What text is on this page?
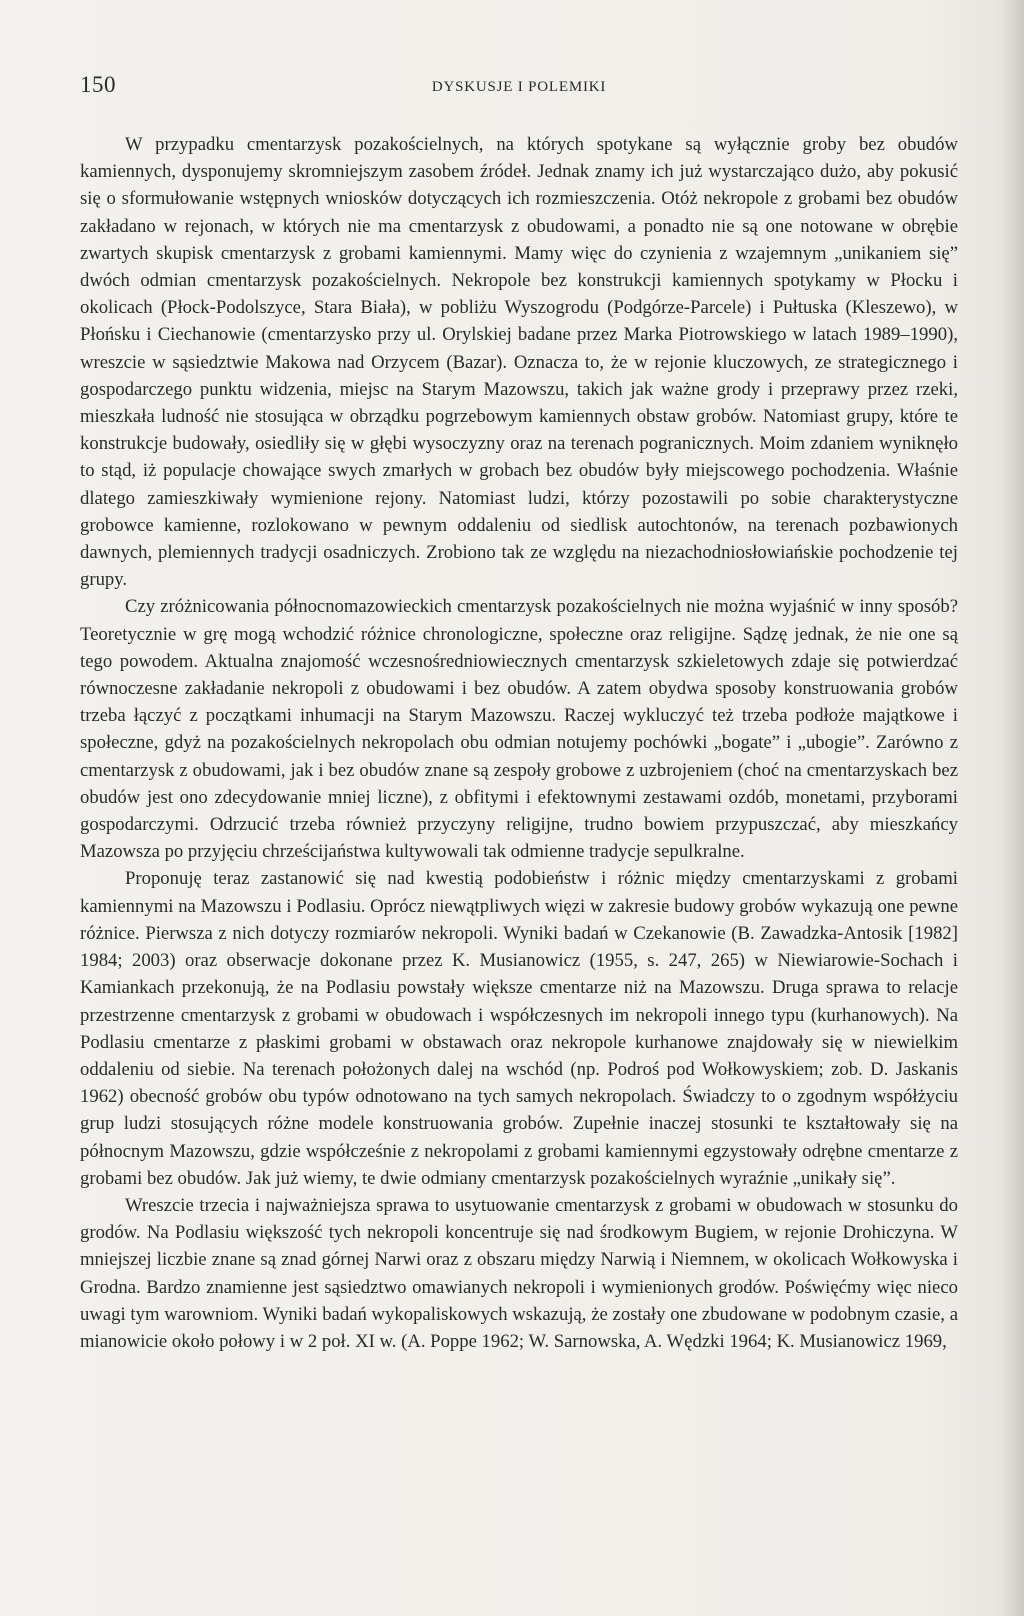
150	DYSKUSJE I POLEMIKI

W przypadku cmentarzysk pozakościelnych, na których spotykane są wyłącznie groby bez obudów kamiennych, dysponujemy skromniejszym zasobem źródeł. Jednak znamy ich już wystarczająco dużo, aby pokusić się o sformułowanie wstępnych wniosków dotyczących ich rozmieszczenia. Otóż nekropole z grobami bez obudów zakładano w rejonach, w których nie ma cmentarzysk z obudowami, a ponadto nie są one notowane w obrębie zwartych skupisk cmentarzysk z grobami kamiennymi. Mamy więc do czynienia z wzajemnym „unikaniem się” dwóch odmian cmentarzysk pozakościelnych. Nekropole bez konstrukcji kamiennych spotykamy w Płocku i okolicach (Płock-Podolszyce, Stara Biała), w pobliżu Wyszogrodu (Podgórze-Parcele) i Pułtuska (Kleszewo), w Płońsku i Ciechanowie (cmentarzysko przy ul. Orylskiej badane przez Marka Piotrowskiego w latach 1989–1990), wreszcie w sąsiedztwie Makowa nad Orzycem (Bazar). Oznacza to, że w rejonie kluczowych, ze strategicznego i gospodarczego punktu widzenia, miejsc na Starym Mazowszu, takich jak ważne grody i przeprawy przez rzeki, mieszkała ludność nie stosująca w obrządku pogrzebowym kamiennych obstaw grobów. Natomiast grupy, które te konstrukcje budowały, osiedliły się w głębi wysoczyzny oraz na terenach pogranicznych. Moim zdaniem wyniknęło to stąd, iż populacje chowające swych zmarłych w grobach bez obudów były miejscowego pochodzenia. Właśnie dlatego zamieszkiwały wymienione rejony. Natomiast ludzi, którzy pozostawili po sobie charakterystyczne grobowce kamienne, rozlokowano w pewnym oddaleniu od siedlisk autochtonów, na terenach pozbawionych dawnych, plemiennych tradycji osadniczych. Zrobiono tak ze względu na niezachodniosłowiańskie pochodzenie tej grupy.

Czy zróżnicowania północnomazowieckich cmentarzysk pozakościelnych nie można wyjaśnić w inny sposób? Teoretycznie w grę mogą wchodzić różnice chronologiczne, społeczne oraz religijne. Sądzę jednak, że nie one są tego powodem. Aktualna znajomość wczesnośredniowiecznych cmentarzysk szkieletowych zdaje się potwierdzać równoczesne zakładanie nekropoli z obudowami i bez obudów. A zatem obydwa sposoby konstruowania grobów trzeba łączyć z początkami inhumacji na Starym Mazowszu. Raczej wykluczyć też trzeba podłoże majątkowe i społeczne, gdyż na pozakościelnych nekropolach obu odmian notujemy pochówki „bogate” i „ubogie”. Zarówno z cmentarzysk z obudowami, jak i bez obudów znane są zespoły grobowe z uzbrojeniem (choć na cmentarzyskach bez obudów jest ono zdecydowanie mniej liczne), z obfitymi i efektownymi zestawami ozdób, monetami, przyborami gospodarczymi. Odrzucić trzeba również przyczyny religijne, trudno bowiem przypuszczać, aby mieszkańcy Mazowsza po przyjęciu chrześcijaństwa kultywowali tak odmienne tradycje sepulkralne.

Proponuję teraz zastanowić się nad kwestią podobieństw i różnic między cmentarzyskami z grobami kamiennymi na Mazowszu i Podlasiu. Oprócz niewątpliwych więzi w zakresie budowy grobów wykazują one pewne różnice. Pierwsza z nich dotyczy rozmiarów nekropoli. Wyniki badań w Czekanowie (B. Zawadzka-Antosik [1982] 1984; 2003) oraz obserwacje dokonane przez K. Musianowicz (1955, s. 247, 265) w Niewiarowie-Sochach i Kamiankach przekonują, że na Podlasiu powstały większe cmentarze niż na Mazowszu. Druga sprawa to relacje przestrzenne cmentarzysk z grobami w obudowach i współczesnych im nekropoli innego typu (kurhanowych). Na Podlasiu cmentarze z płaskimi grobami w obstawach oraz nekropole kurhanowe znajdowały się w niewielkim oddaleniu od siebie. Na terenach położonych dalej na wschód (np. Podroś pod Wołkowyskiem; zob. D. Jaskanis 1962) obecność grobów obu typów odnotowano na tych samych nekropolach. Świadczy to o zgodnym współżyciu grup ludzi stosujących różne modele konstruowania grobów. Zupełnie inaczej stosunki te kształtowały się na północnym Mazowszu, gdzie współcześnie z nekropolami z grobami kamiennymi egzystowały odrębne cmentarze z grobami bez obudów. Jak już wiemy, te dwie odmiany cmentarzysk pozakościelnych wyraźnie „unikały się”.

Wreszcie trzecia i najważniejsza sprawa to usytuowanie cmentarzysk z grobami w obudowach w stosunku do grodów. Na Podlasiu większość tych nekropoli koncentruje się nad środkowym Bugiem, w rejonie Drohiczyna. W mniejszej liczbie znane są znad górnej Narwi oraz z obszaru między Narwią i Niemnem, w okolicach Wołkowyska i Grodna. Bardzo znamienne jest sąsiedztwo omawianych nekropoli i wymienionych grodów. Poświęćmy więc nieco uwagi tym warowniom. Wyniki badań wykopaliskowych wskazują, że zostały one zbudowane w podobnym czasie, a mianowicie około połowy i w 2 poł. XI w. (A. Poppe 1962; W. Sarnowska, A. Wędzki 1964; K. Musianowicz 1969,
